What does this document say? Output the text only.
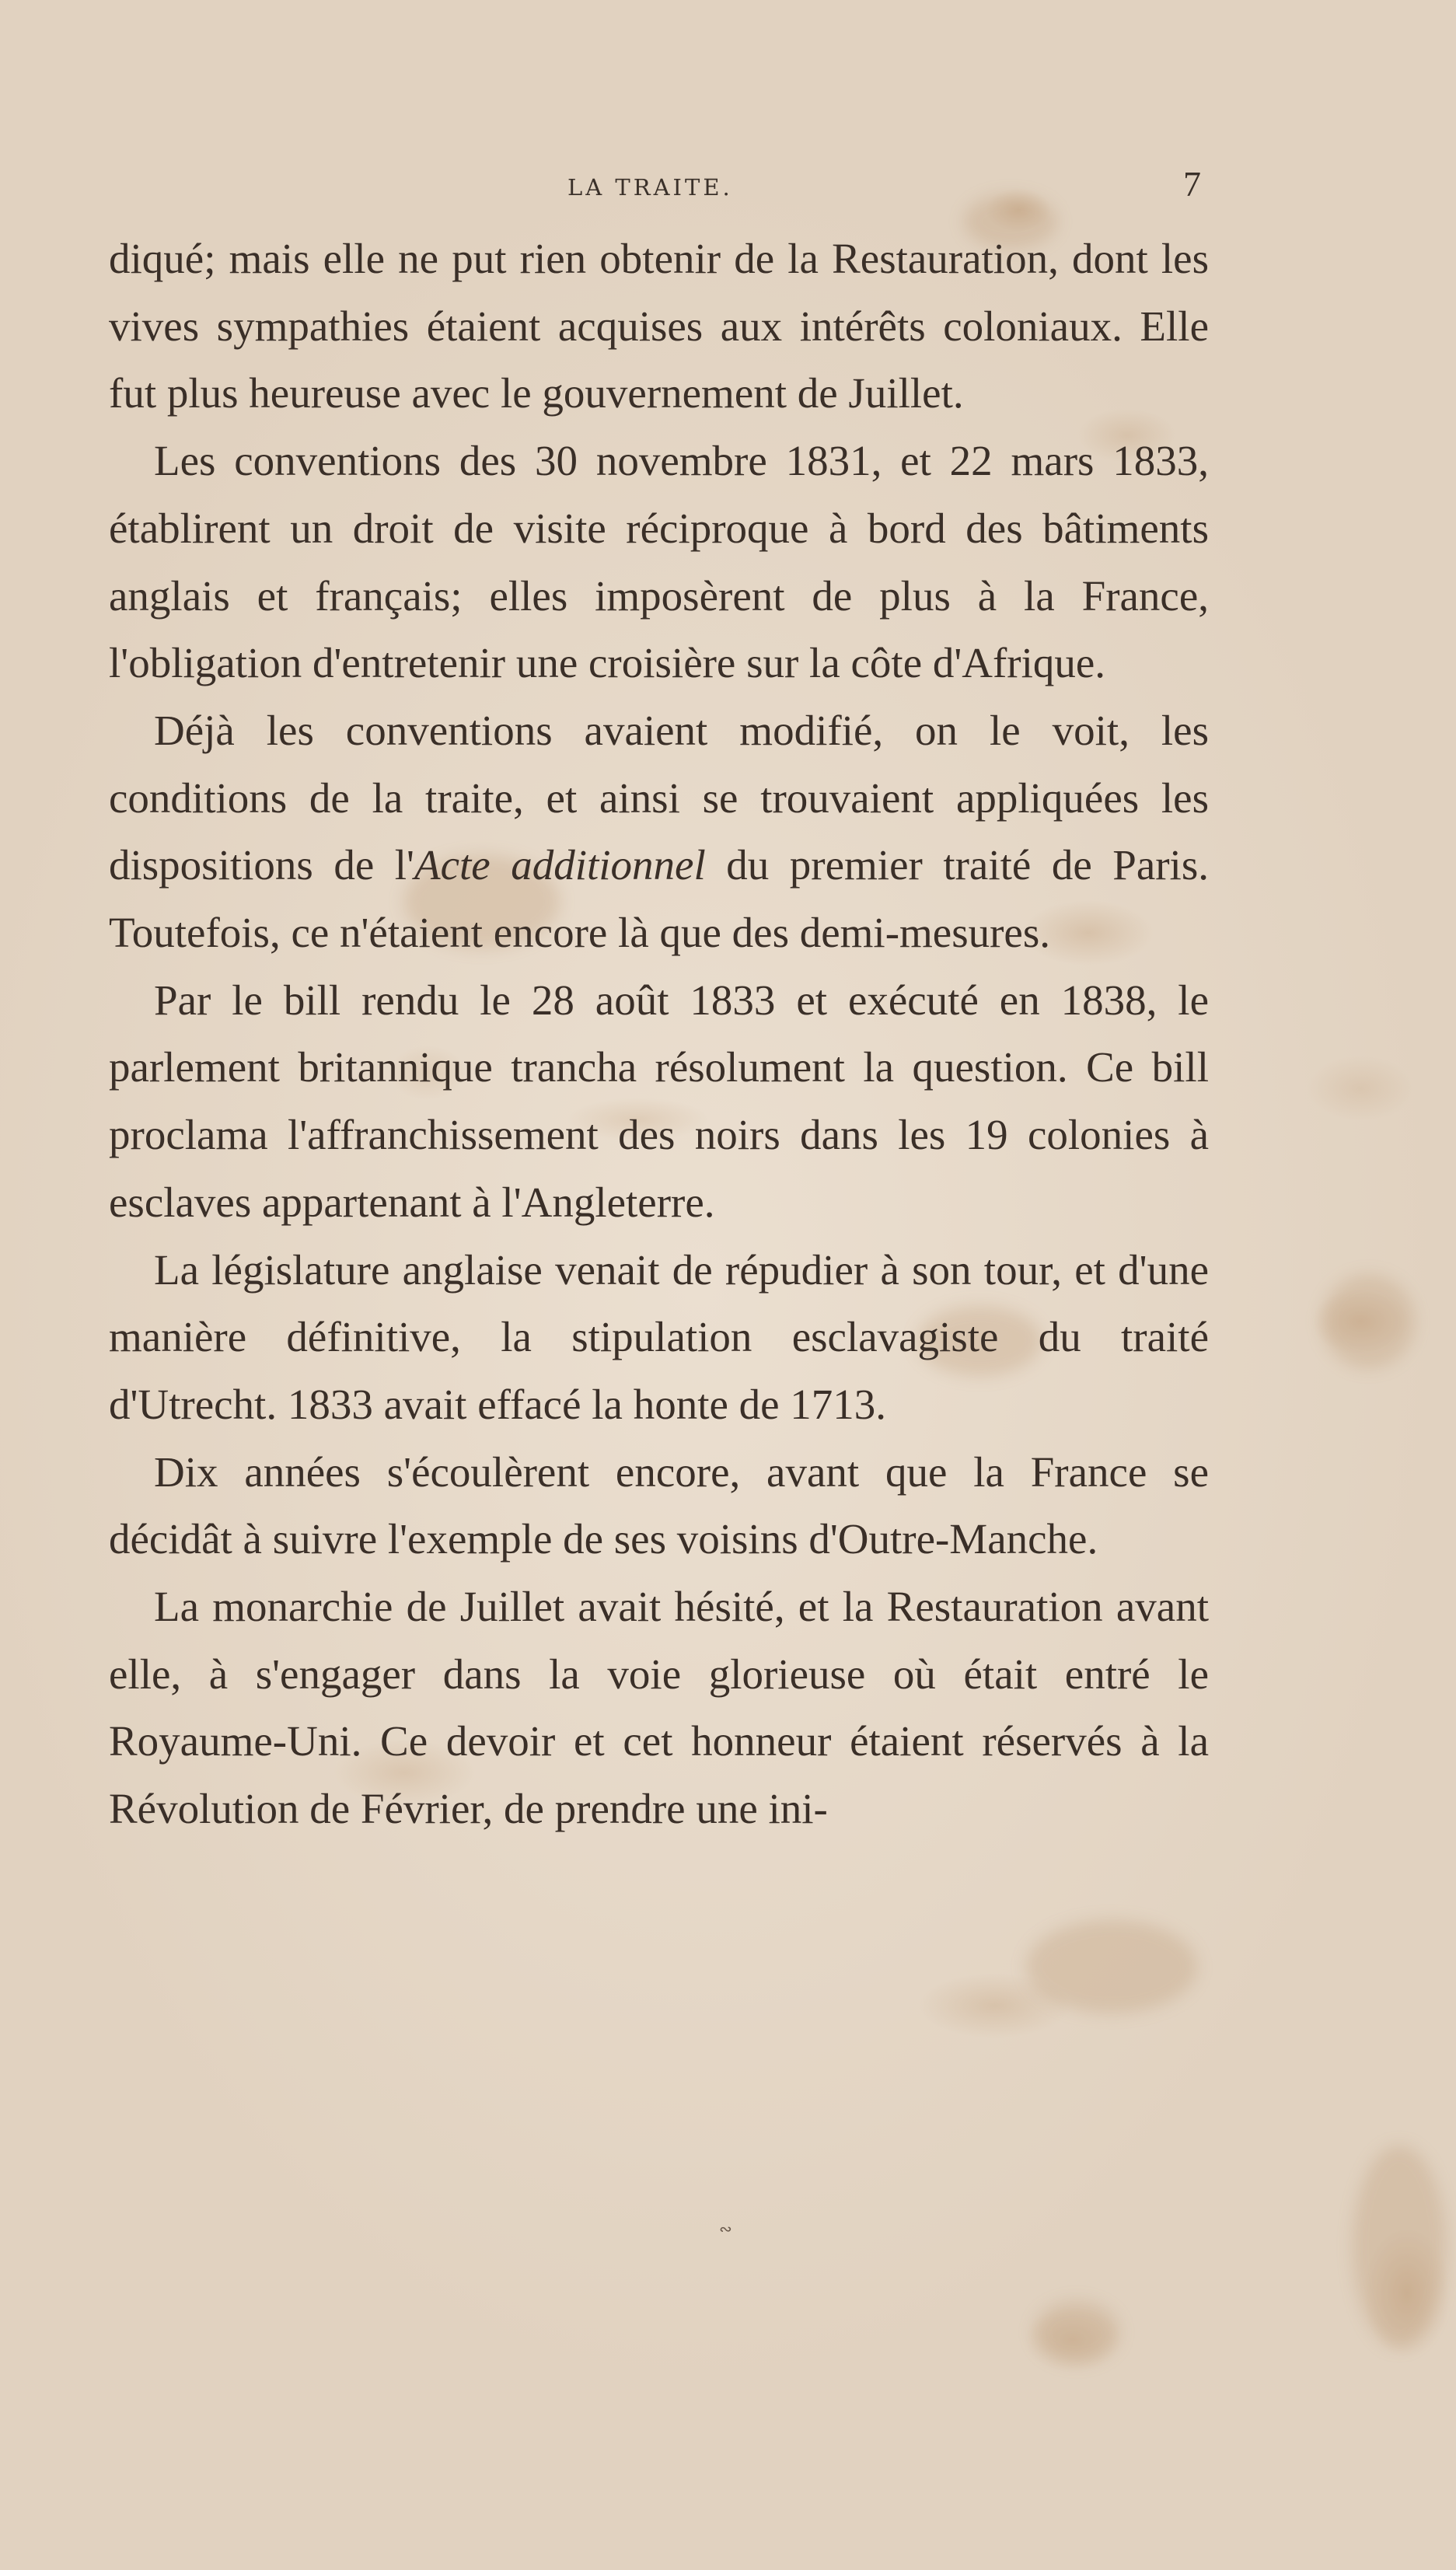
LA TRAITE.	7

diqué; mais elle ne put rien obtenir de la Restauration, dont les vives sympathies étaient acquises aux intérêts coloniaux. Elle fut plus heureuse avec le gouvernement de Juillet.

Les conventions des 30 novembre 1831, et 22 mars 1833, établirent un droit de visite réciproque à bord des bâtiments anglais et français; elles imposèrent de plus à la France, l'obligation d'entretenir une croisière sur la côte d'Afrique.

Déjà les conventions avaient modifié, on le voit, les conditions de la traite, et ainsi se trouvaient appliquées les dispositions de l'Acte additionnel du premier traité de Paris. Toutefois, ce n'étaient encore là que des demi-mesures.

Par le bill rendu le 28 août 1833 et exécuté en 1838, le parlement britannique trancha résolument la question. Ce bill proclama l'affranchissement des noirs dans les 19 colonies à esclaves appartenant à l'Angleterre.

La législature anglaise venait de répudier à son tour, et d'une manière définitive, la stipulation esclavagiste du traité d'Utrecht. 1833 avait effacé la honte de 1713.

Dix années s'écoulèrent encore, avant que la France se décidât à suivre l'exemple de ses voisins d'Outre-Manche.

La monarchie de Juillet avait hésité, et la Restauration avant elle, à s'engager dans la voie glorieuse où était entré le Royaume-Uni. Ce devoir et cet honneur étaient réservés à la Révolution de Février, de prendre une ini-

∾
